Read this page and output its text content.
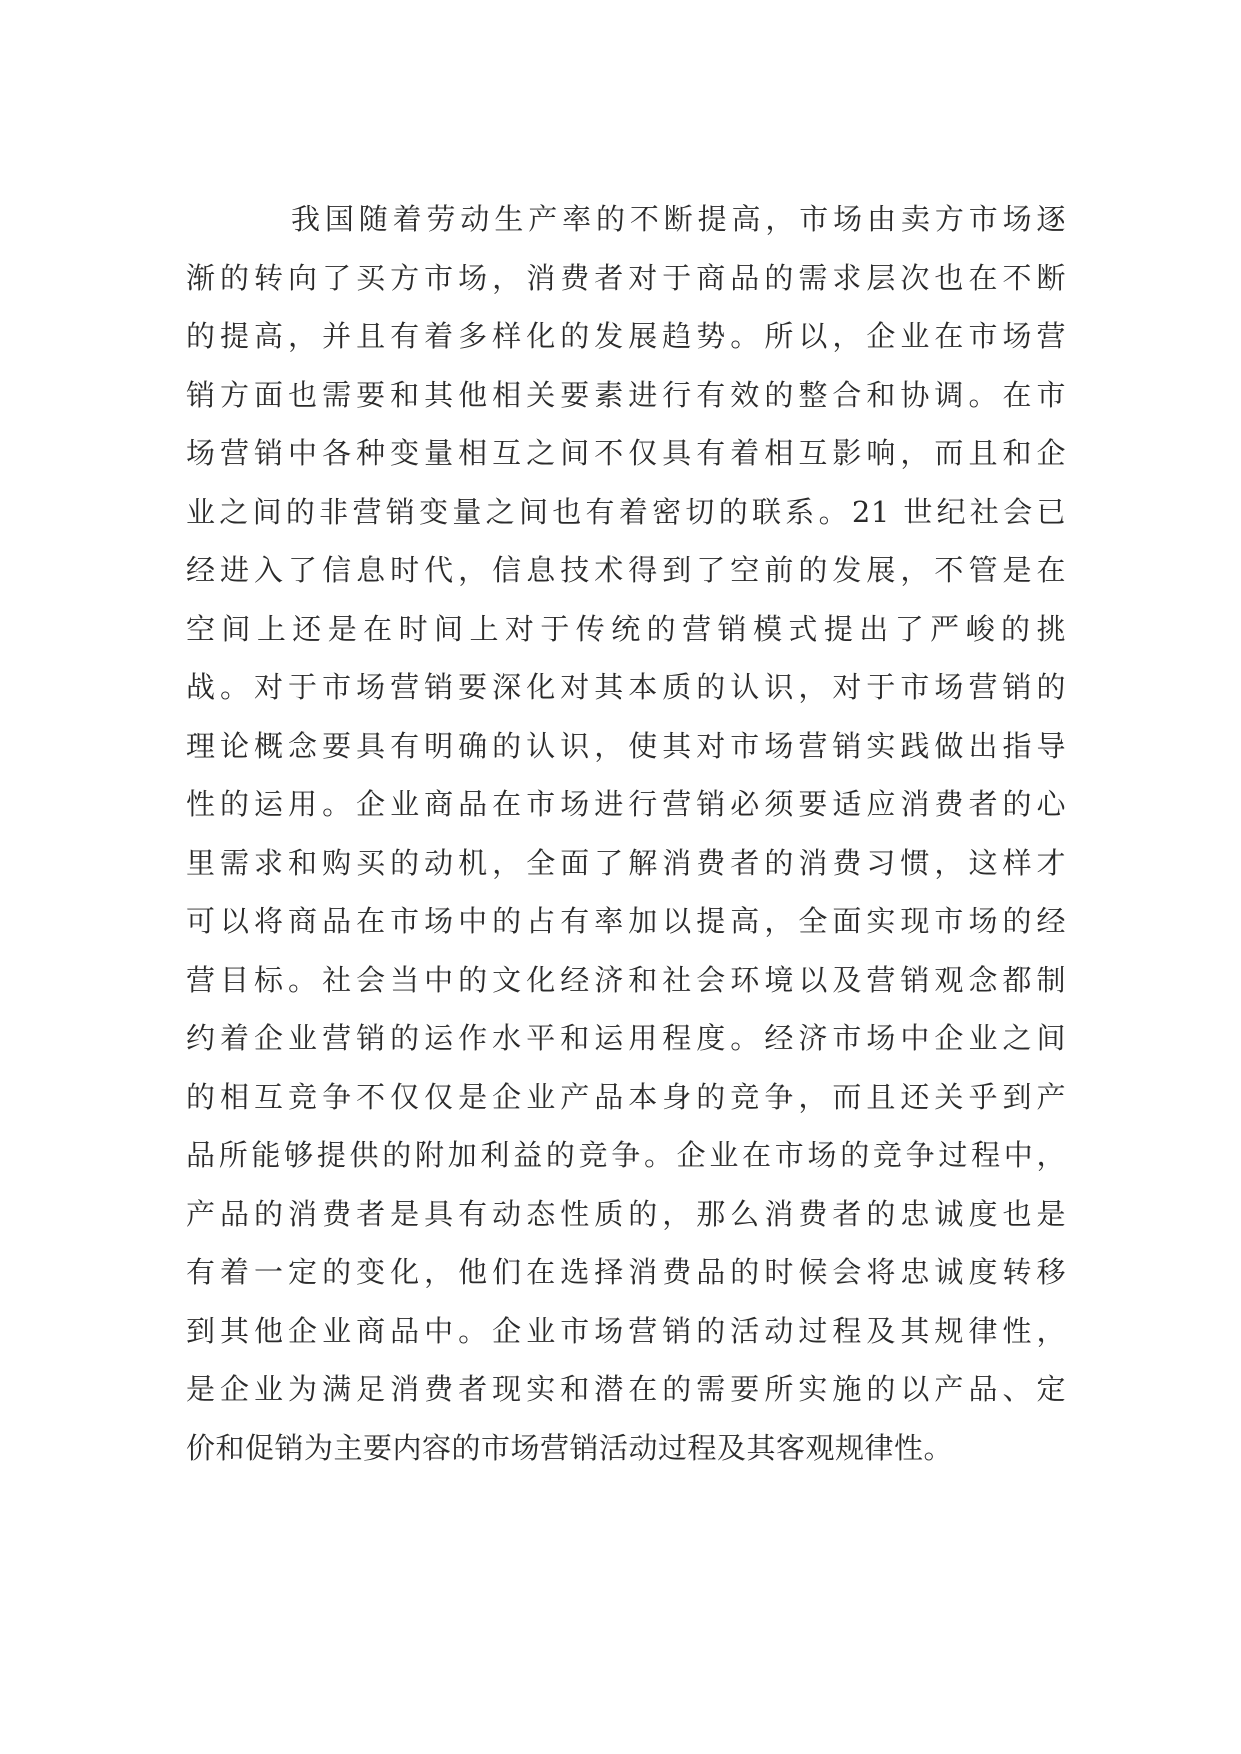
我国随着劳动生产率的不断提高，市场由卖方市场逐
渐的转向了买方市场，消费者对于商品的需求层次也在不断
的提高，并且有着多样化的发展趋势。所以，企业在市场营
销方面也需要和其他相关要素进行有效的整合和协调。在市
场营销中各种变量相互之间不仅具有着相互影响，而且和企
业之间的非营销变量之间也有着密切的联系。21 世纪社会已
经进入了信息时代，信息技术得到了空前的发展，不管是在
空间上还是在时间上对于传统的营销模式提出了严峻的挑
战。对于市场营销要深化对其本质的认识，对于市场营销的
理论概念要具有明确的认识，使其对市场营销实践做出指导
性的运用。企业商品在市场进行营销必须要适应消费者的心
里需求和购买的动机，全面了解消费者的消费习惯，这样才
可以将商品在市场中的占有率加以提高，全面实现市场的经
营目标。社会当中的文化经济和社会环境以及营销观念都制
约着企业营销的运作水平和运用程度。经济市场中企业之间
的相互竞争不仅仅是企业产品本身的竞争，而且还关乎到产
品所能够提供的附加利益的竞争。企业在市场的竞争过程中，
产品的消费者是具有动态性质的，那么消费者的忠诚度也是
有着一定的变化，他们在选择消费品的时候会将忠诚度转移
到其他企业商品中。企业市场营销的活动过程及其规律性，
是企业为满足消费者现实和潜在的需要所实施的以产品、定
价和促销为主要内容的市场营销活动过程及其客观规律性。
